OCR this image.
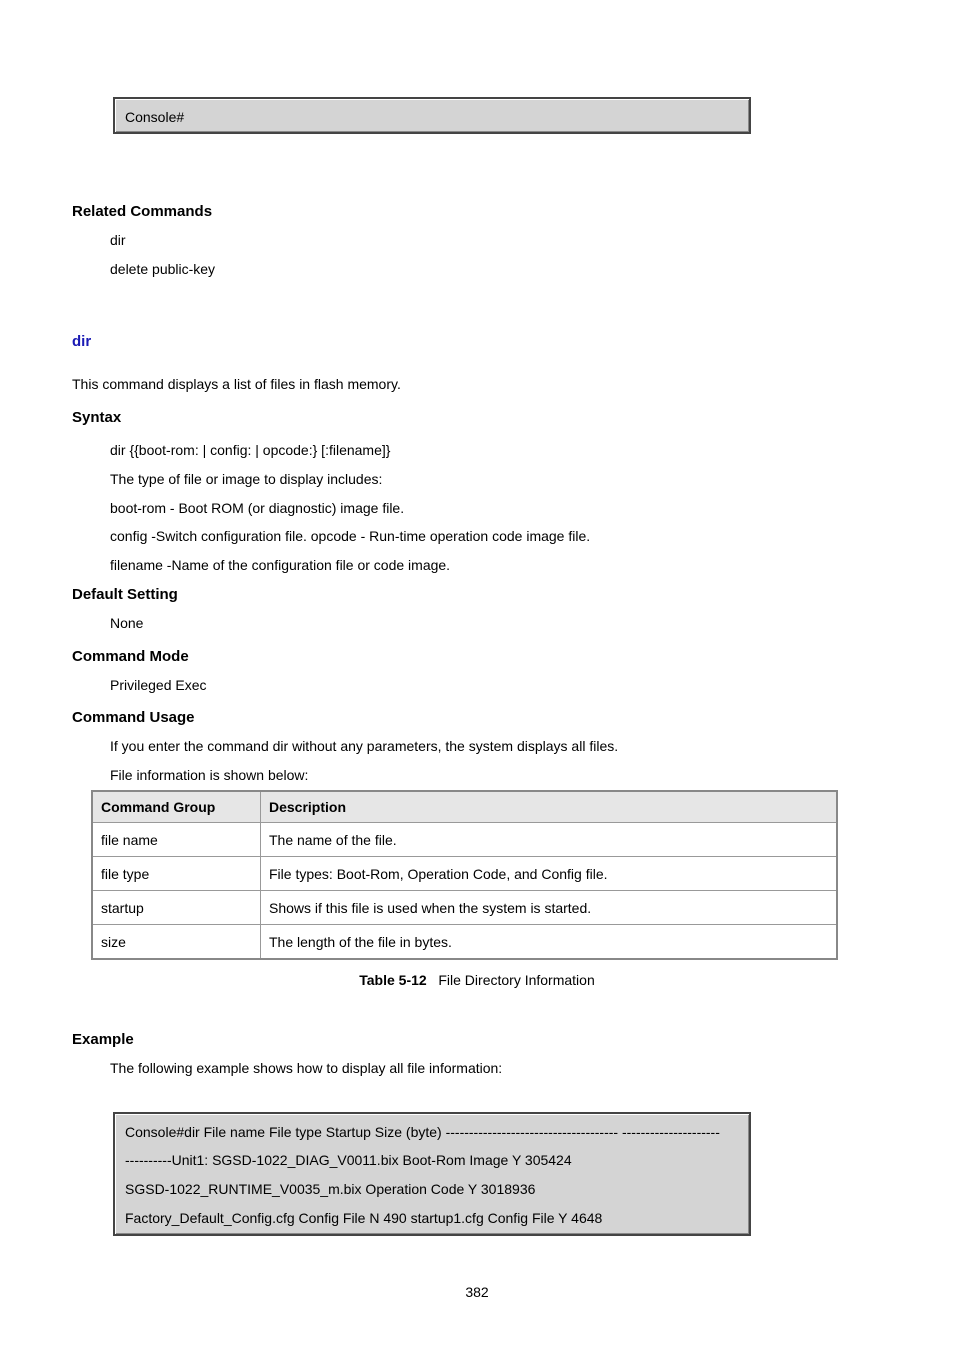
Console#
Related Commands
dir
delete public-key
dir
This command displays a list of files in flash memory.
Syntax
dir {{boot-rom: | config: | opcode:} [:filename]}
The type of file or image to display includes:
boot-rom - Boot ROM (or diagnostic) image file.
config -Switch configuration file. opcode - Run-time operation code image file.
filename -Name of the configuration file or code image.
Default Setting
None
Command Mode
Privileged Exec
Command Usage
If you enter the command dir without any parameters, the system displays all files.
File information is shown below:
Command Group	Description
file name	The name of the file.
file type	File types: Boot-Rom, Operation Code, and Config file.
startup	Shows if this file is used when the system is started.
size	The length of the file in bytes.
Table 5-12 File Directory Information
Example
The following example shows how to display all file information:
Console#dir File name File type Startup Size (byte) ------------------------------------- ---------------------
----------Unit1: SGSD-1022_DIAG_V0011.bix Boot-Rom Image Y 305424
SGSD-1022_RUNTIME_V0035_m.bix Operation Code Y 3018936
Factory_Default_Config.cfg Config File N 490 startup1.cfg Config File Y 4648
382
